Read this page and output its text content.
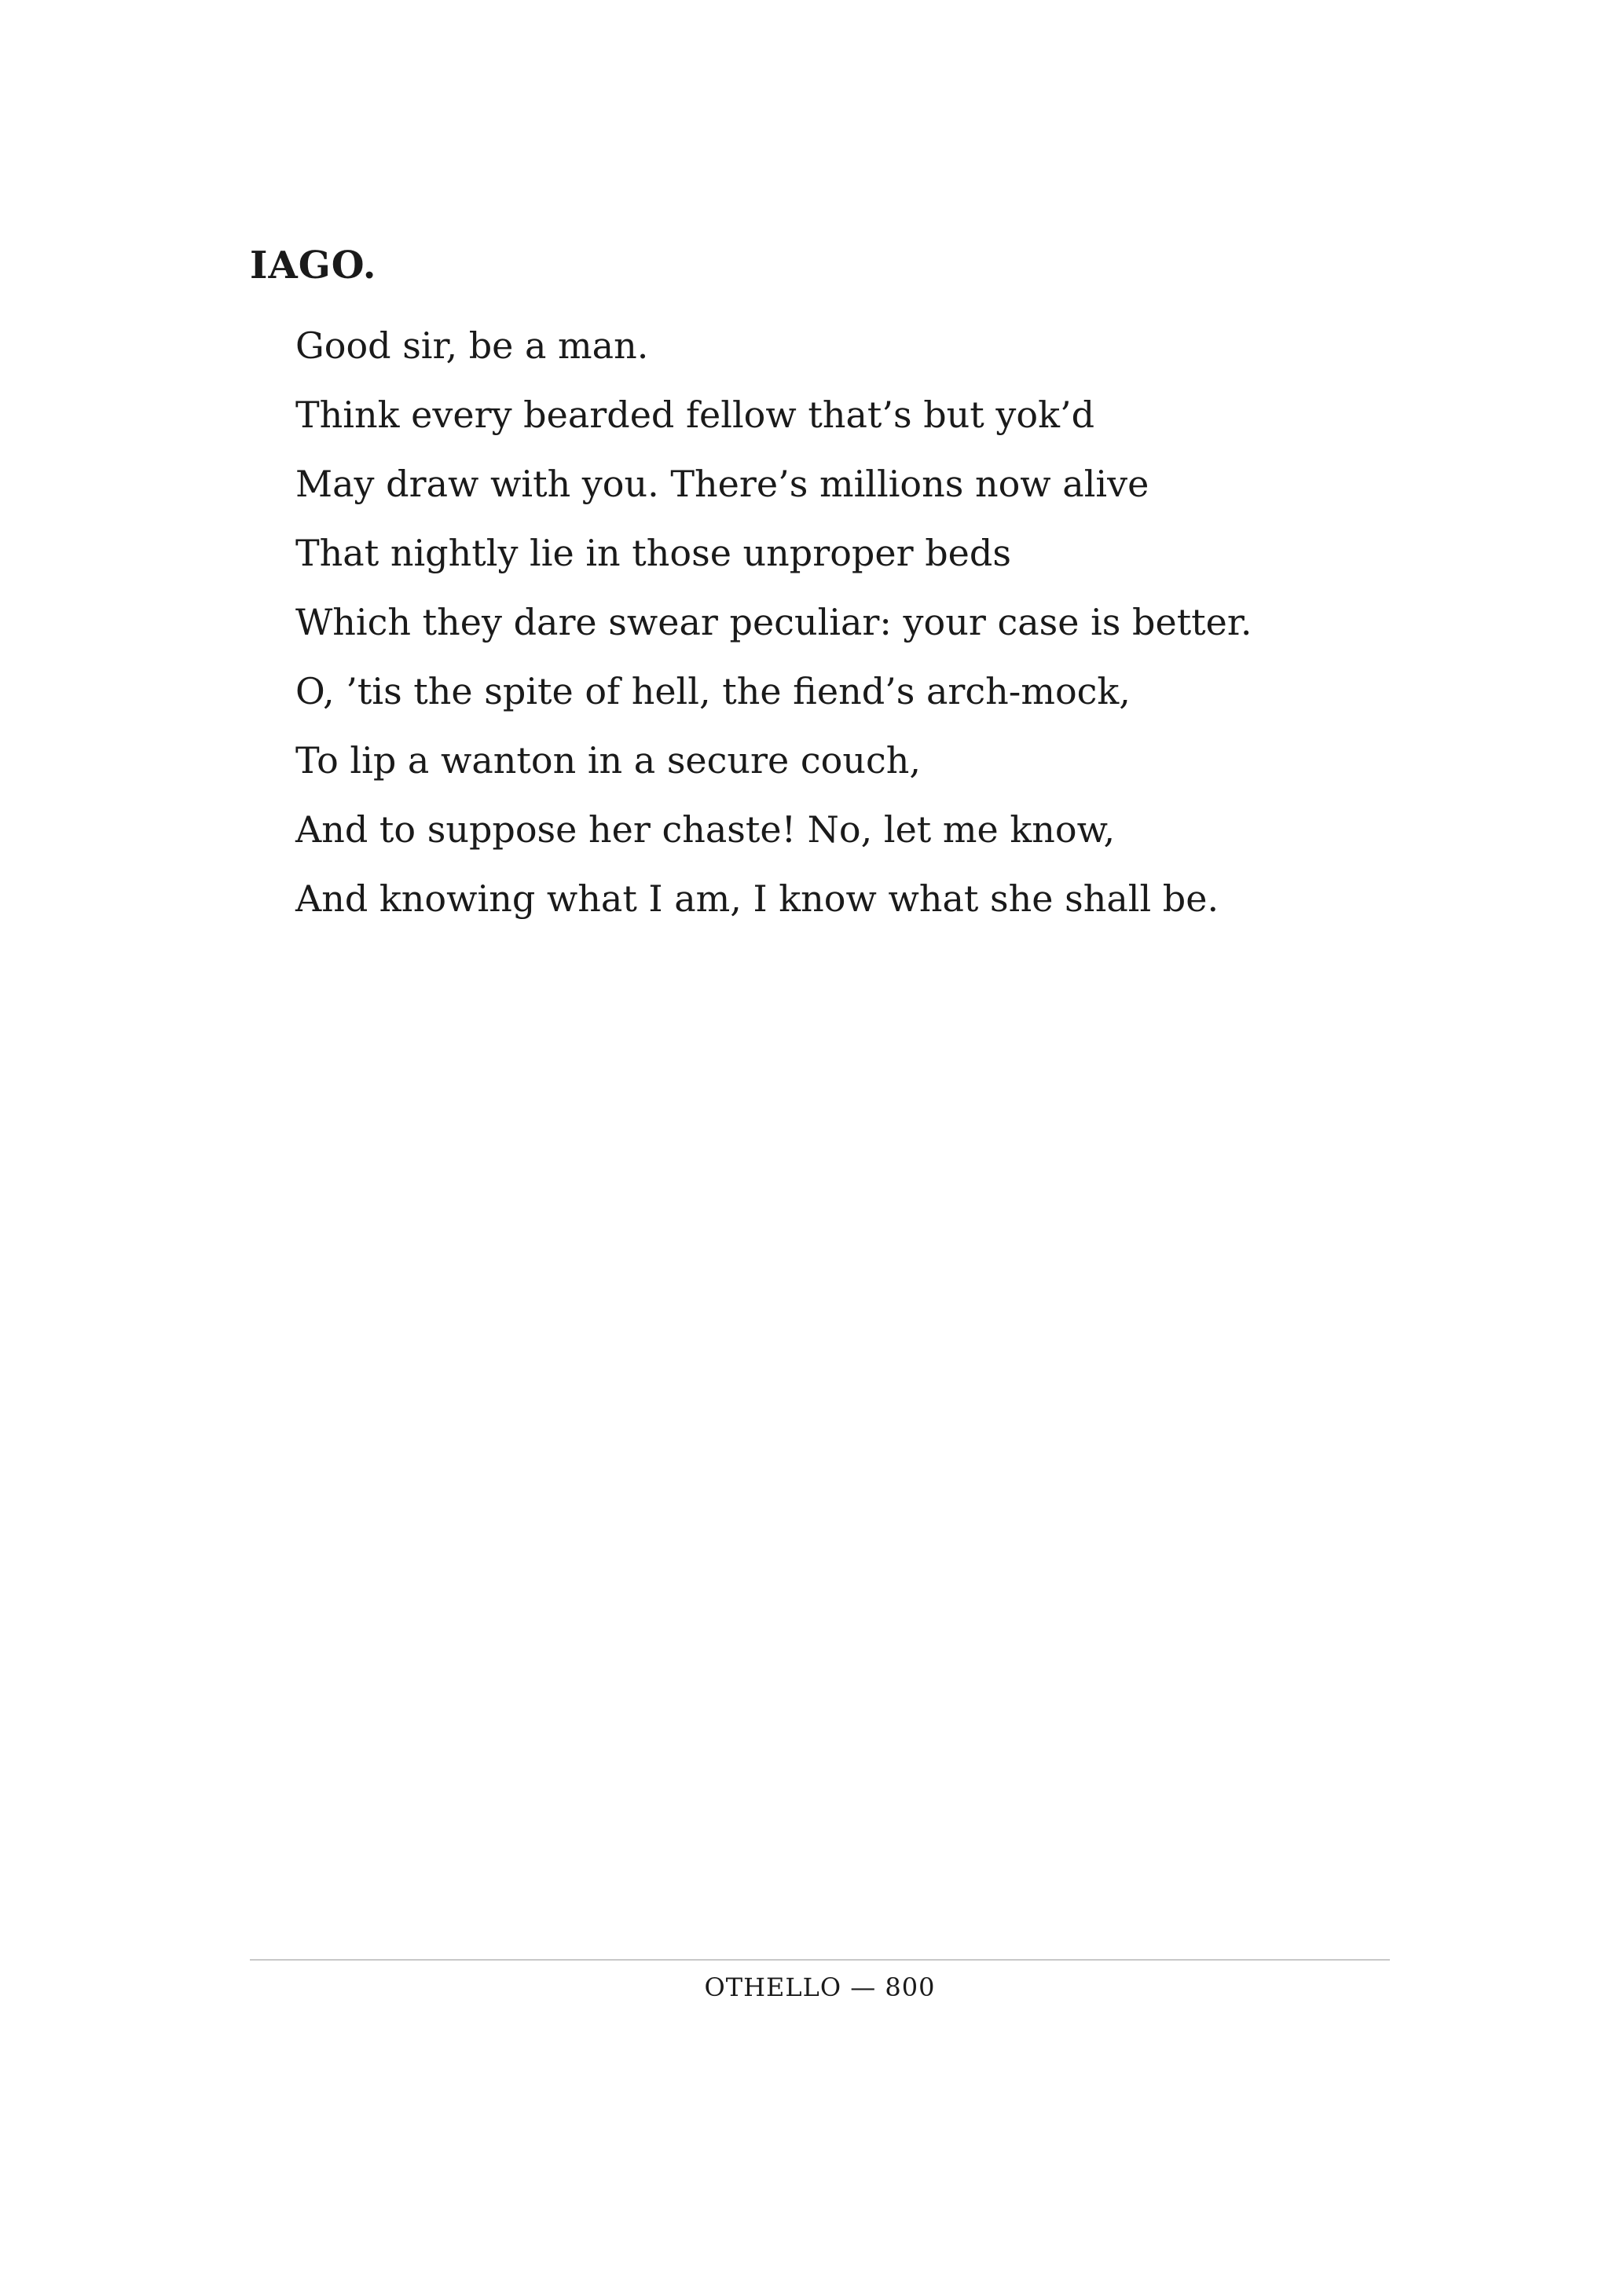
IAGO.
Good sir, be a man.
Think every bearded fellow that’s but yok’d
May draw with you. There’s millions now alive
That nightly lie in those unproper beds
Which they dare swear peculiar: your case is better.
O, ’tis the spite of hell, the fiend’s arch-mock,
To lip a wanton in a secure couch,
And to suppose her chaste! No, let me know,
And knowing what I am, I know what she shall be.
OTHELLO — 800
